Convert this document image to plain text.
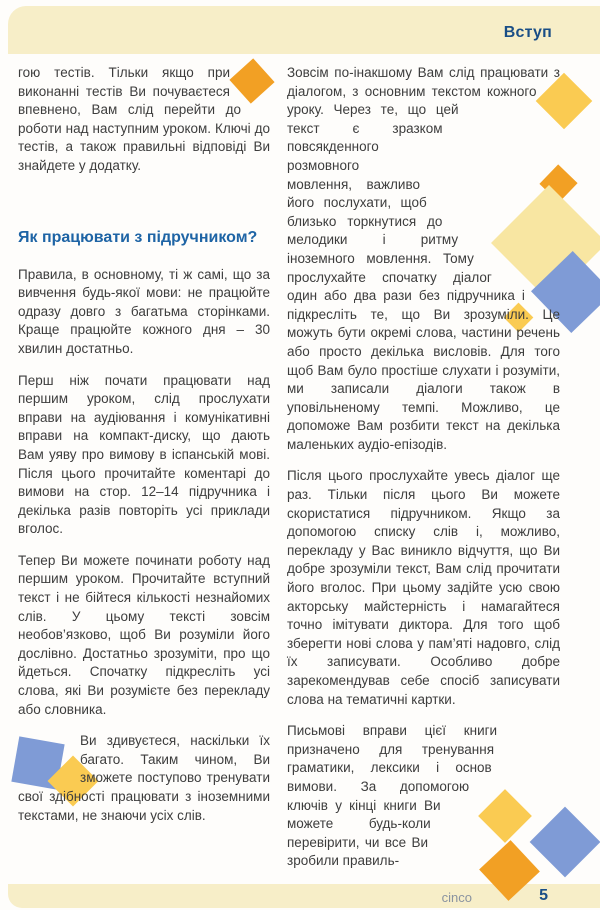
Вступ
cinco	5

гою тестів. Тільки якщо при виконанні тестів Ви почуваєтеся впевнено, Вам слід перейти до роботи над наступним уроком. Ключі до тестів, а також правильні відповіді Ви знайдете у додатку.

Як працювати з підручником?

Правила, в основному, ті ж самі, що за вивчення будь-якої мови: не працюйте одразу довго з багатьма сторінками. Краще працюйте кожного дня – 30 хвилин достатньо.

Перш ніж почати працювати над першим уроком, слід прослухати вправи на аудіювання і комунікативні вправи на компакт-диску, що дають Вам уяву про вимову в іспанській мові. Після цього прочитайте коментарі до вимови на стор. 12–14 підручника і декілька разів повторіть усі приклади вголос.

Тепер Ви можете починати роботу над першим уроком. Прочитайте вступний текст і не бійтеся кількості незнайомих слів. У цьому тексті зовсім необов’язково, щоб Ви розуміли його дослівно. Достатньо зрозуміти, про що йдеться. Спочатку підкресліть усі слова, які Ви розумієте без перекладу або словника.

Ви здивуєтеся, наскільки їх багато. Таким чином, Ви зможете поступово тренувати свої здібності працювати з іноземними текстами, не знаючи усіх слів.

Зовсім по-інакшому Вам слід працювати з діалогом, з основним текстом кожного уроку. Через те, що цей текст є зразком повсякденного розмовного мовлення, важливо його послухати, щоб близько торкнутися до мелодики і ритму іноземного мовлення. Тому прослухайте спочатку діалог один або два рази без підручника і підкресліть те, що Ви зрозуміли. Це можуть бути окремі слова, частини речень або просто декілька висловів. Для того щоб Вам було простіше слухати і розуміти, ми записали діалоги також в уповільненому темпі. Можливо, це допоможе Вам розбити текст на декілька маленьких аудіо-епізодів.

Після цього прослухайте увесь діалог ще раз. Тільки після цього Ви можете скористатися підручником. Якщо за допомогою списку слів і, можливо, перекладу у Вас виникло відчуття, що Ви добре зрозуміли текст, Вам слід прочитати його вголос. При цьому задійте усю свою акторську майстерність і намагайтеся точно імітувати диктора. Для того щоб зберегти нові слова у пам’яті надовго, слід їх записувати. Особливо добре зарекомендував себе спосіб записувати слова на тематичні картки.

Письмові вправи цієї книги призначено для тренування граматики, лексики і основ вимови. За допомогою ключів у кінці книги Ви можете будь-коли перевірити, чи все Ви зробили правиль-
